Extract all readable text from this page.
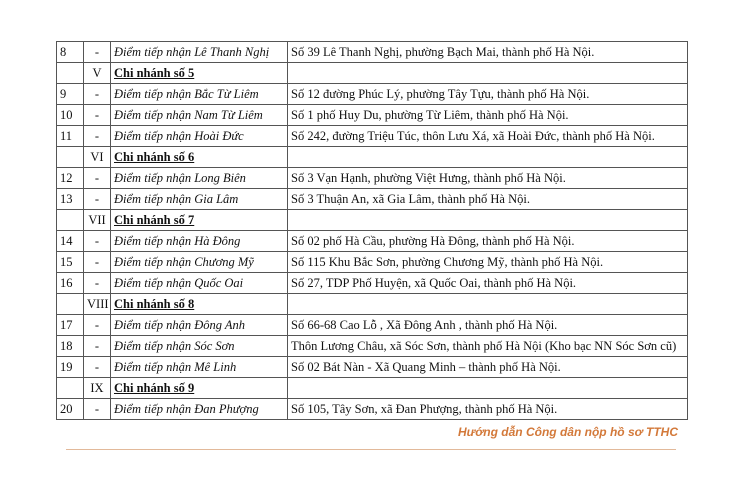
8	-	Điểm tiếp nhận Lê Thanh Nghị	Số 39 Lê Thanh Nghị, phường Bạch Mai, thành phố Hà Nội.
	V	Chi nhánh số 5	
9	-	Điểm tiếp nhận Bắc Từ Liêm	Số 12 đường Phúc Lý, phường Tây Tựu, thành phố Hà Nội.
10	-	Điểm tiếp nhận Nam Từ Liêm	Số 1 phố Huy Du, phường Từ Liêm, thành phố Hà Nội.
11	-	Điểm tiếp nhận Hoài Đức	Số 242, đường Triệu Túc, thôn Lưu Xá, xã Hoài Đức, thành phố Hà Nội.
	VI	Chi nhánh số 6	
12	-	Điểm tiếp nhận Long Biên	Số 3 Vạn Hạnh, phường Việt Hưng, thành phố Hà Nội.
13	-	Điểm tiếp nhận Gia Lâm	Số 3 Thuận An, xã Gia Lâm, thành phố Hà Nội.
	VII	Chi nhánh số 7	
14	-	Điểm tiếp nhận Hà Đông	Số 02 phố Hà Cầu, phường Hà Đông, thành phố Hà Nội.
15	-	Điểm tiếp nhận Chương Mỹ	Số 115 Khu Bắc Sơn, phường Chương Mỹ, thành phố Hà Nội.
16	-	Điểm tiếp nhận Quốc Oai	Số 27, TDP Phố Huyện, xã Quốc Oai, thành phố Hà Nội.
	VIII	Chi nhánh số 8	
17	-	Điểm tiếp nhận Đông Anh	Số 66-68 Cao Lỗ , Xã Đông Anh , thành phố Hà Nội.
18	-	Điểm tiếp nhận Sóc Sơn	Thôn Lương Châu, xã Sóc Sơn, thành phố Hà Nội (Kho bạc NN Sóc Sơn cũ)
19	-	Điểm tiếp nhận Mê Linh	Số 02 Bát Nàn - Xã Quang Minh – thành phố Hà Nội.
	IX	Chi nhánh số 9	
20	-	Điểm tiếp nhận Đan Phượng	Số 105, Tây Sơn, xã Đan Phượng, thành phố Hà Nội.
Hướng dẫn Công dân nộp hồ sơ TTHC
